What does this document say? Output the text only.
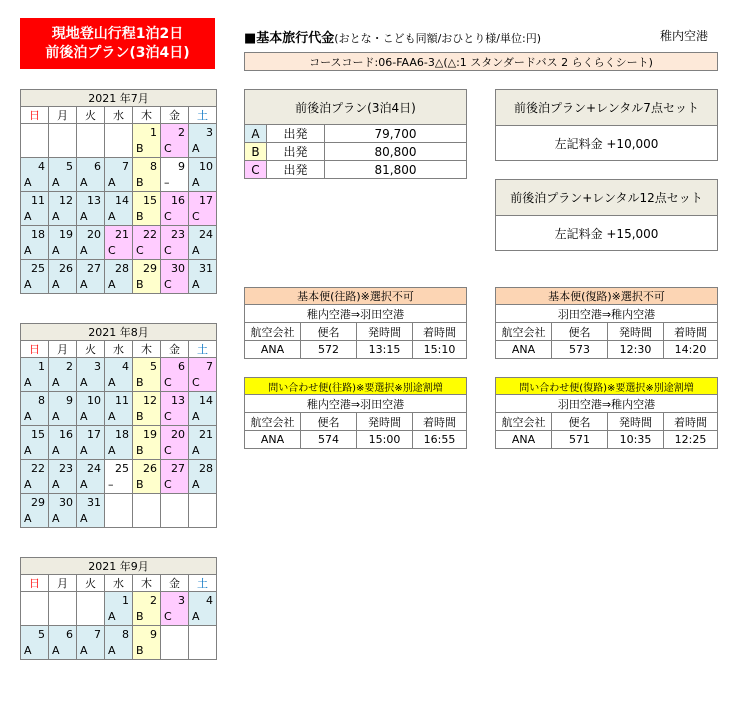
現地登山行程1泊2日
前後泊プラン(3泊4日)
■基本旅行代金(おとな・こども同額/おひとり様/単位:円)	稚内空港
コースコード:06-FAA6-3△(△:1 スタンダードバス 2 らくらくシート)
2021 年7月						
日	月	火	水	木	金	土
				1	2	3
				B	C	A
4	5	6	7	8	9	10
A	A	A	A	B	–	A
11	12	13	14	15	16	17
A	A	A	A	B	C	C
18	19	20	21	22	23	24
A	A	A	C	C	C	A
25	26	27	28	29	30	31
A	A	A	A	B	C	A
2021 年8月						
日	月	火	水	木	金	土
1	2	3	4	5	6	7
A	A	A	A	B	C	C
8	9	10	11	12	13	14
A	A	A	A	B	C	A
15	16	17	18	19	20	21
A	A	A	A	B	C	A
22	23	24	25	26	27	28
A	A	A	–	B	C	A
29	30	31				
A	A	A				
2021 年9月						
日	月	火	水	木	金	土
			1	2	3	4
			A	B	C	A
5	6	7	8	9		
A	A	A	A	B		
前後泊プラン(3泊4日)		
A	出発	79,700
B	出発	80,800
C	出発	81,800
前後泊プラン+レンタル7点セット
左記料金 +10,000
前後泊プラン+レンタル12点セット
左記料金 +15,000
基本便(往路)※選択不可			
稚内空港⇒羽田空港			
航空会社	便名	発時間	着時間
ANA	572	13:15	15:10
基本便(復路)※選択不可			
羽田空港⇒稚内空港			
航空会社	便名	発時間	着時間
ANA	573	12:30	14:20
問い合わせ便(往路)※要選択※別途割増			
稚内空港⇒羽田空港			
航空会社	便名	発時間	着時間
ANA	574	15:00	16:55
問い合わせ便(復路)※要選択※別途割増			
羽田空港⇒稚内空港			
航空会社	便名	発時間	着時間
ANA	571	10:35	12:25
